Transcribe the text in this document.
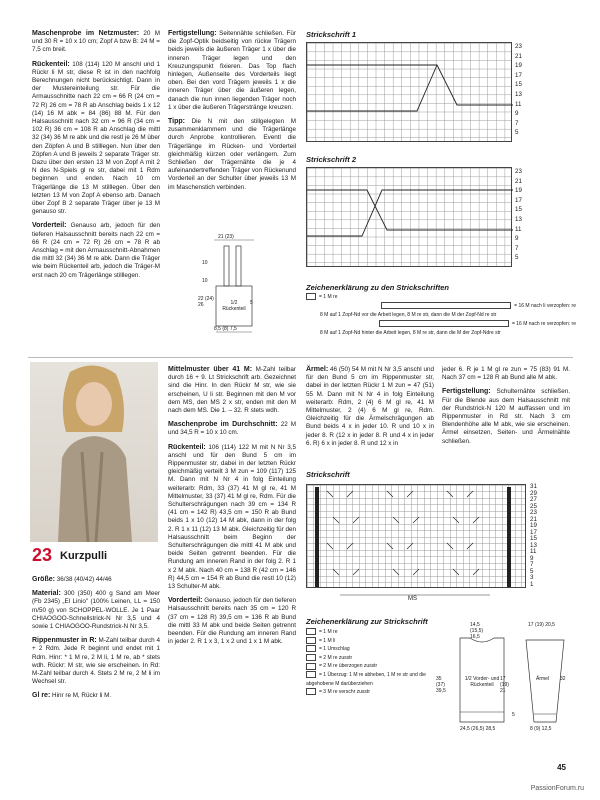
Maschenprobe im Netzmuster: 20 M und 30 R = 10 x 10 cm; Zopf A bzw B: 24 M = 7,5 cm breit.

Rückenteil: 108 (114) 120 M anschl und 1 Rückr li M str, diese R ist in den nachfolg Berechnungen nicht berücksichtigt. Dann in der Mustereinteilung str. Für die Armausschnitte nach 22 cm = 66 R (24 cm = 72 R) 26 cm = 78 R ab Anschlag beids 1 x 12 (14) 16 M abk = 84 (86) 88 M. Für den Halsausschnitt nach 32 cm = 96 R (34 cm = 102 R) 36 cm = 108 R ab Anschlag die mittl 32 (34) 36 M re abk und die restl je 26 M über den Zöpfen A und B stilllegen. Nun über den Zöpfen A und B jeweils 2 separate Träger str. Dazu über den ersten 13 M von Zopf A mit 2 N des N-Spiels gl re str, dabei mit 1 Rdm beginnen und enden. Nach 10 cm Trägerlänge die 13 M stilllegen. Über den letzten 13 M von Zopf A ebenso arb. Danach über Zopf B 2 separate Träger über je 13 M genauso str.

Vorderteil: Genauso arb, jedoch für den tieferen Halsausschnitt bereits nach 22 cm = 66 R (24 cm = 72 R) 26 cm = 78 R ab Anschlag = mit den Armausschnitt-Abnahmen die mittl 32 (34) 36 M re abk. Dann die Träger wie beim Rückenteil arb, jedoch die Träger-M erst nach 20 cm Trägerlänge stilllegen.

Fertigstellung: Seitennähte schließen. Für die Zopf-Optik beidseitig von rückw Trägern beids jeweils die äußeren Träger 1 x über die inneren Träger legen und den Kreuzungspunkt fixieren. Das Top flach hinlegen, Außenseite des Vorderteils liegt oben. Bei den vord Trägern jeweils 1 x die inneren Träger über die äußeren legen, danach die nun innen liegenden Träger noch 1 x über die äußeren Trägerstränge kreuzen.

Tipp: Die N mit den stillgelegten M zusammenklammern und die Trägerlänge durch Anprobe kontrollieren. Eventl die Trägerlänge im Rücken- und Vorderteil gleichmäßig kürzen oder verlängern. Zum Schließen der Trägernähte die je 4 aufeinandertreffenden Träger von Rückenund Vorderteil an der Schulter über jeweils 13 M im Maschenstich verbinden.

10
10
22 (24) 26	1/2 Rückenteil
8,5 (8) 7,5
5
21 (23)
Strickschrift 1
23
21
19
17
15
13
11
9
7
5
Strickschrift 2
23
21
19
17
15
13
11
9
7
5
Zeichenerklärung zu den Strickschriften
= 1 M re
= 16 M nach li verzopfen: re
8 M auf 1 Zopf-Nd vor die Arbeit legen, 8 M re str, dann die M der Zopf-Nd re str
= 16 M nach re verzopfen: re
8 M auf 1 Zopf-Nd hinter die Arbeit legen, 8 M re str, dann die M der Zopf-Ndre str
23 Kurzpulli

Größe: 36/38 (40/42) 44/46

Material: 300 (350) 400 g Sand am Meer (Fb 2345) „El Linio" (100% Leinen, LL = 150 m/50 g) von SCHOPPEL-WOLLE. Je 1 Paar CHIAOGOO-Schnellstrick-N Nr 3,5 und 4 sowie 1 CHIAOGOO-Rundstrick-N Nr 3,5.

Rippenmuster in R: M-Zahl teilbar durch 4 + 2 Rdm. Jede R beginnt und endet mit 1 Rdm. Hinr: * 1 M re, 2 M li, 1 M re, ab * stets wdh. Rückr: M str, wie sie erscheinen. In Rd: M-Zahl teilbar durch 4. Stets 2 M re, 2 M li im Wechsel str.

Gl re: Hinr re M, Rückr li M.

Mittelmuster über 41 M: M-Zahl teilbar durch 16 + 9. Lt Strickschrift arb. Gezeichnet sind die Hinr. In den Rückr M str, wie sie erscheinen, U li str. Beginnen mit den M vor dem MS, den MS 2 x str, enden mit den M nach dem MS. Die 1. – 32. R stets wdh.

Maschenprobe im Durchschnitt: 22 M und 34,5 R = 10 x 10 cm.

Rückenteil: 106 (114) 122 M mit N Nr 3,5 anschl und für den Bund 5 cm im Rippenmuster str, dabei in der letzten Rückr gleichmäßig verteilt 3 M zun = 109 (117) 125 M. Dann mit N Nr 4 in folg Einteilung weiterarb: Rdm, 33 (37) 41 M gl re, 41 M Mittelmuster, 33 (37) 41 M gl re, Rdm. Für die Schulterschrägungen nach 39 cm = 134 R (41 cm = 142 R) 43,5 cm = 150 R ab Bund beids 1 x 10 (12) 14 M abk, dann in der folg 2. R 1 x 11 (12) 13 M abk. Gleichzeitig für den Halsausschnitt beim Beginn der Schulterschrägungen die mittl 41 M abk und beide Seiten getrennt beenden. Für die Rundung am inneren Rand in der folg 2. R 1 x 2 M abk. Nach 40 cm = 138 R (42 cm = 146 R) 44,5 cm = 154 R ab Bund die restl 10 (12) 13 Schulter-M abk.

Vorderteil: Genauso, jedoch für den tieferen Halsausschnitt bereits nach 35 cm = 120 R (37 cm = 128 R) 39,5 cm = 136 R ab Bund die mittl 33 M abk und beide Seiten getrennt beenden. Für die Rundung am inneren Rand in jeder 2. R 1 x 3, 1 x 2 und 1 x 1 M abk.

Ärmel: 46 (50) 54 M mit N Nr 3,5 anschl und für den Bund 5 cm im Rippenmuster str, dabei in der letzten Rückr 1 M zun = 47 (51) 55 M. Dann mit N Nr 4 in folg Einteilung weiterarb: Rdm, 2 (4) 6 M gl re, 41 M Mittelmuster, 2 (4) 6 M gl re, Rdm. Gleichzeitig für die Ärmelschrägungen ab Bund beids 4 x in jeder 10. R und 10 x in jeder 8. R (12 x in jeder 8. R und 4 x in jeder 6. R) 6 x in jeder 8. R und 12 x in

jeder 6. R je 1 M gl re zun = 75 (83) 91 M. Nach 37 cm = 128 R ab Bund alle M abk.

Fertigstellung: Schulternähte schließen. Für die Blende aus dem Halsausschnitt mit der Rundstrick-N 120 M auffassen und im Rippenmuster in Rd str. Nach 3 cm Blendenhöhe alle M abk, wie sie erscheinen. Ärmel einsetzen, Seiten- und Ärmelnähte schließen.

Strickschrift
31
29
27
25
23
21
19
17
15
13
11
9
7
5
3
1
MS
Zeichenerklärung zur Strickschrift
= 1 M re
= 1 M li
= 1 Umschlag
= 2 M re zusstr
= 2 M re überzogen zusstr
= 1 Überzug: 1 M re abheben, 1 M re str und die abgehobene M darüberziehen
= 3 M re verschr zusstr
14,5
(15,5)
16,5
35 (37) 39,5
1/2 Vorder- und Rückenteil
24,5 (26,5) 28,5
17 (19) 21
5
17 (19) 20,5
Ärmel 32
8 (9) 12,5
45
PassionForum.ru
